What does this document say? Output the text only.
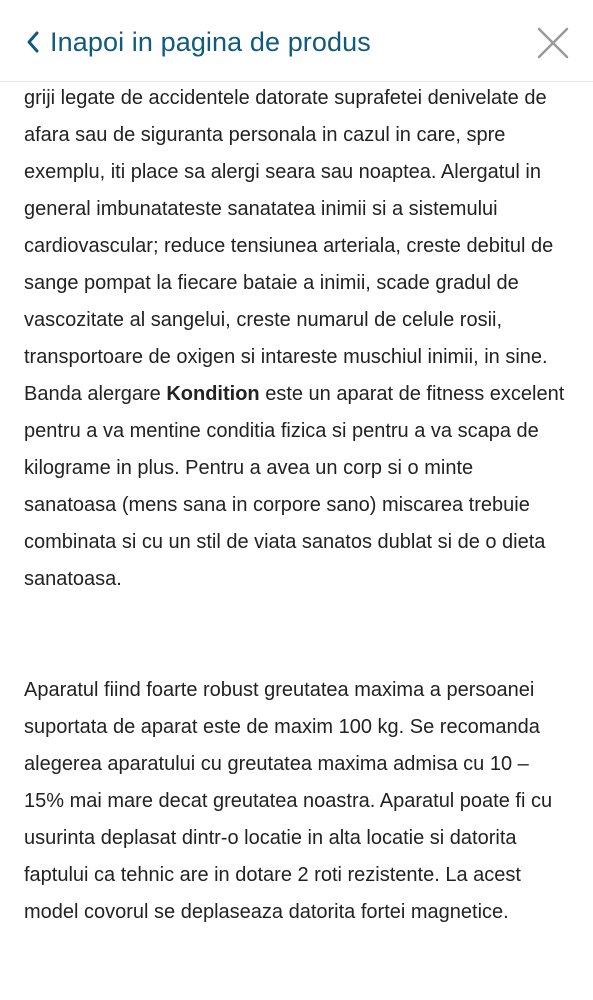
Inapoi in pagina de produs

griji legate de accidentele datorate suprafetei denivelate de afara sau de siguranta personala in cazul in care, spre exemplu, iti place sa alergi seara sau noaptea. Alergatul in general imbunatateste sanatatea inimii si a sistemului cardiovascular; reduce tensiunea arteriala, creste debitul de sange pompat la fiecare bataie a inimii, scade gradul de vascozitate al sangelui, creste numarul de celule rosii, transportoare de oxigen si intareste muschiul inimii, in sine. Banda alergare Kondition este un aparat de fitness excelent pentru a va mentine conditia fizica si pentru a va scapa de kilograme in plus. Pentru a avea un corp si o minte sanatoasa (mens sana in corpore sano) miscarea trebuie combinata si cu un stil de viata sanatos dublat si de o dieta sanatoasa.

Aparatul fiind foarte robust greutatea maxima a persoanei suportata de aparat este de maxim 100 kg. Se recomanda alegerea aparatului cu greutatea maxima admisa cu 10 – 15% mai mare decat greutatea noastra. Aparatul poate fi cu usurinta deplasat dintr-o locatie in alta locatie si datorita faptului ca tehnic are in dotare 2 roti rezistente. La acest model covorul se deplaseaza datorita fortei magnetice.
